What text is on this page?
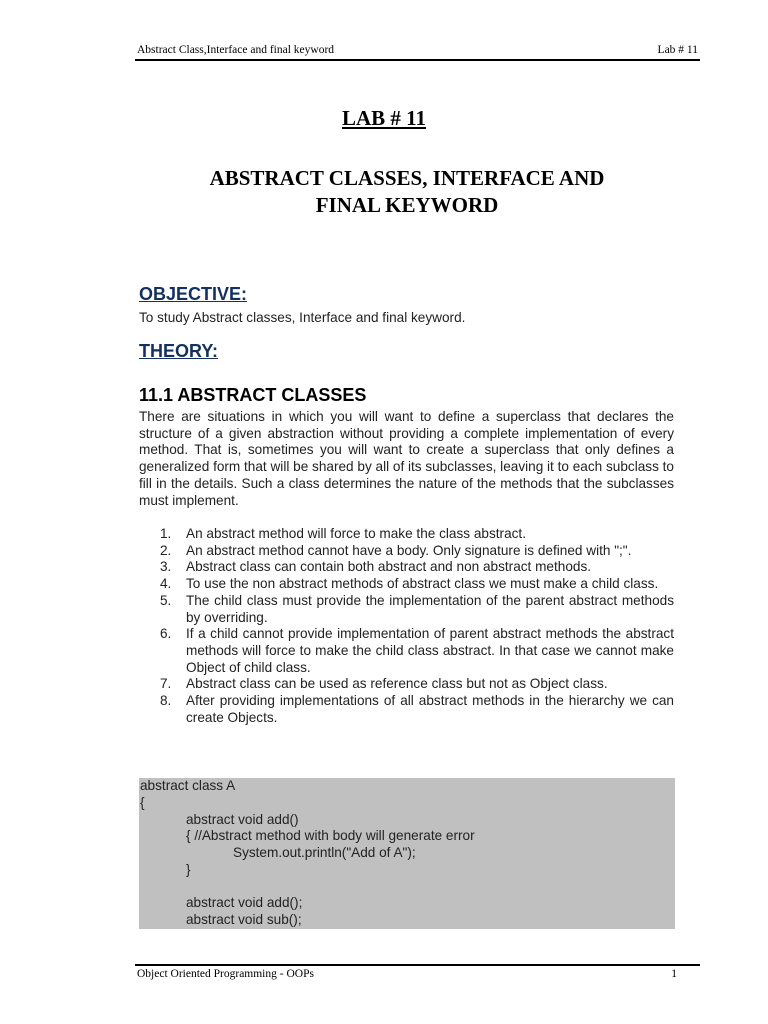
Abstract Class,Interface and final keyword	Lab # 11
LAB # 11
ABSTRACT CLASSES, INTERFACE AND
FINAL KEYWORD
OBJECTIVE:
To study Abstract classes, Interface and final keyword.
THEORY:
11.1 ABSTRACT CLASSES
There are situations in which you will want to define a superclass that declares the structure of a given abstraction without providing a complete implementation of every method. That is, sometimes you will want to create a superclass that only defines a generalized form that will be shared by all of its subclasses, leaving it to each subclass to fill in the details. Such a class determines the nature of the methods that the subclasses must implement.
1. An abstract method will force to make the class abstract.
2. An abstract method cannot have a body. Only signature is defined with ";".
3. Abstract class can contain both abstract and non abstract methods.
4. To use the non abstract methods of abstract class we must make a child class.
5. The child class must provide the implementation of the parent abstract methods by overriding.
6. If a child cannot provide implementation of parent abstract methods the abstract methods will force to make the child class abstract. In that case we cannot make Object of child class.
7. Abstract class can be used as reference class but not as Object class.
8. After providing implementations of all abstract methods in the hierarchy we can create Objects.
abstract class A
{
abstract void add()
{ //Abstract method with body will generate error
System.out.println("Add of A");
}
abstract void add();
abstract void sub();
Object Oriented Programming - OOPs	1
